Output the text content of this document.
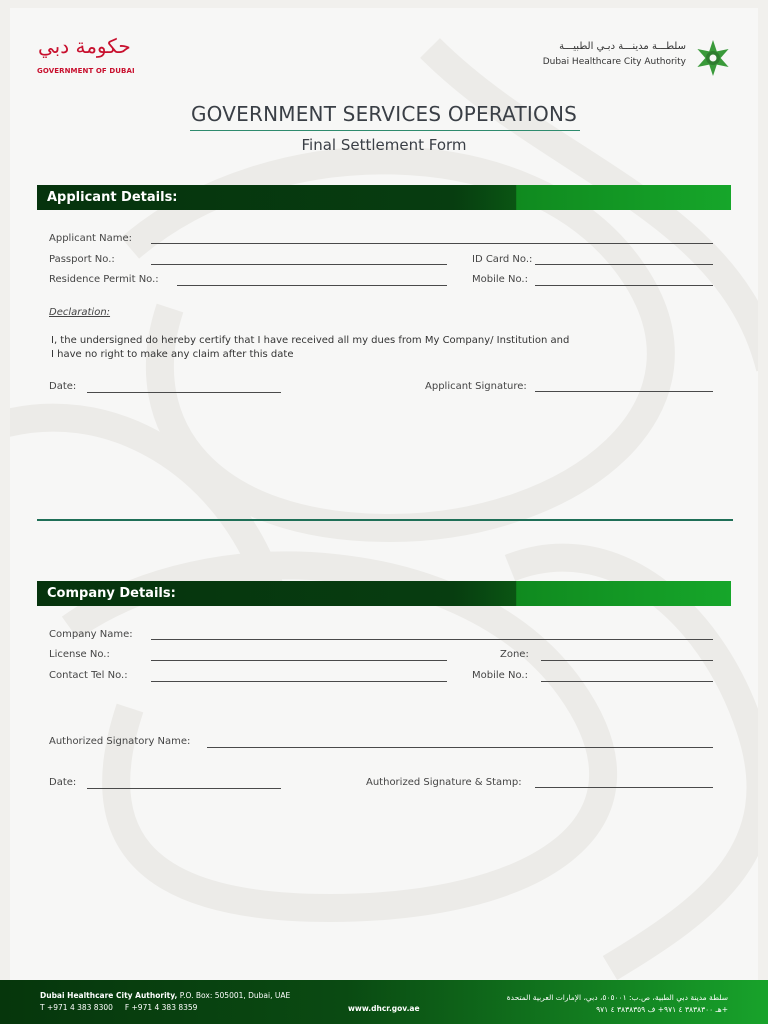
حكومة دبي
GOVERNMENT OF DUBAI
سلطـــة مدينـــة دبـي الطبيـــة
Dubai Healthcare City Authority
GOVERNMENT SERVICES OPERATIONS
Final Settlement Form
Applicant Details:
Applicant Name:
Passport No.:	ID Card No.:
Residence Permit No.:	Mobile No.:
Declaration:
I, the undersigned do hereby certify that I have received all my dues from My Company/ Institution and
I have no right to make any claim after this date
Date:	Applicant Signature:
Company Details:
Company Name:
License No.:	Zone:
Contact Tel No.:	Mobile No.:
Authorized Signatory Name:
Date:	Authorized Signature & Stamp:
Dubai Healthcare City Authority, P.O. Box: 505001, Dubai, UAE
T +971 4 383 8300 F +971 4 383 8359	www.dhcr.gov.ae
سلطة مدينة دبي الطبية، ص.ب: ٥٠٥٠٠١، دبي، الإمارات العربية المتحدة
هـ ٣٨٣٨٣٠٠ ٤ ٩٧١+ ف ٣٨٣٨٣٥٩ ٤ ٩٧١+
